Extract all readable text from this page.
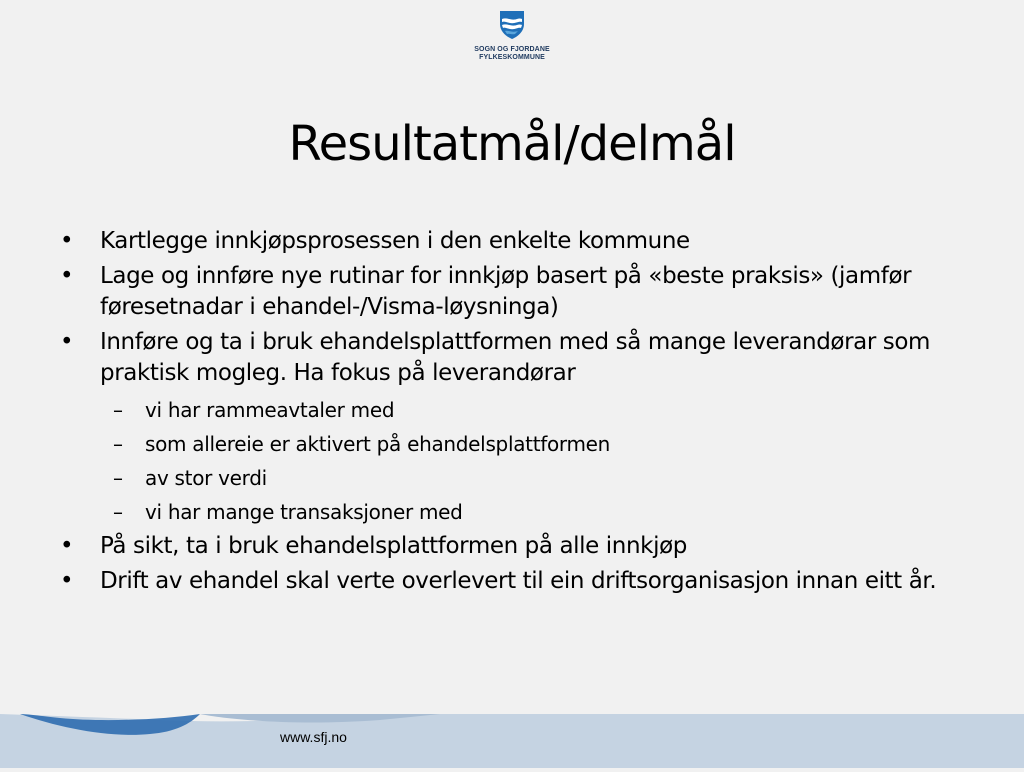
SOGN OG FJORDANE
FYLKESKOMMUNE
Resultatmål/delmål
• Kartlegge innkjøpsprosessen i den enkelte kommune
• Lage og innføre nye rutinar for innkjøp basert på «beste praksis» (jamfør føresetnadar i ehandel-/Visma-løysninga)
• Innføre og ta i bruk ehandelsplattformen med så mange leverandørar som praktisk mogleg. Ha fokus på leverandørar
– vi har rammeavtaler med
– som allereie er aktivert på ehandelsplattformen
– av stor verdi
– vi har mange transaksjoner med
• På sikt, ta i bruk ehandelsplattformen på alle innkjøp
• Drift av ehandel skal verte overlevert til ein driftsorganisasjon innan eitt år.
www.sfj.no
